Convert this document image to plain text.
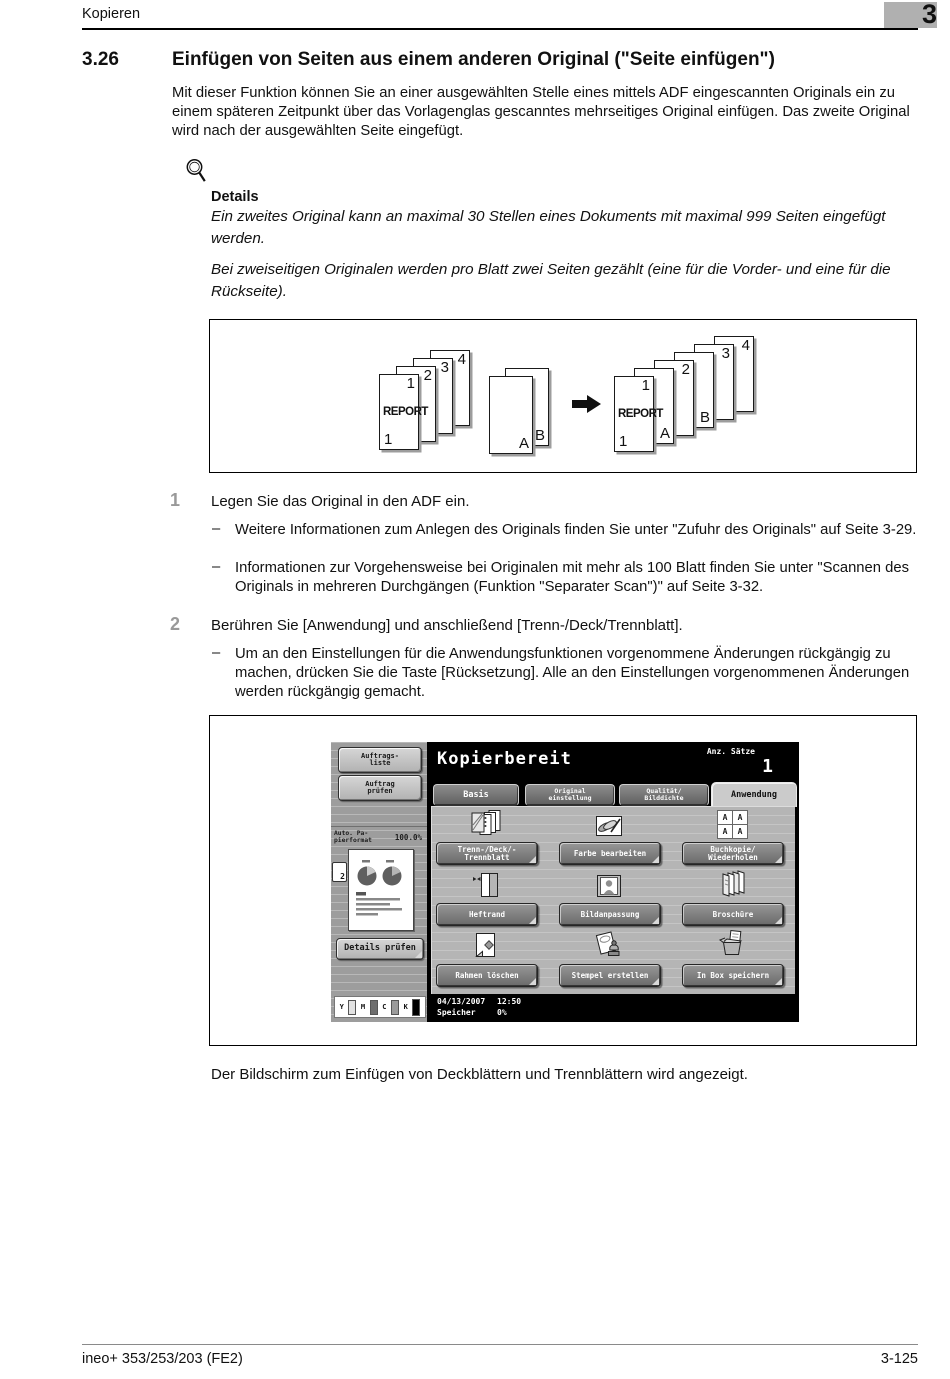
Kopieren	3
3.26	Einfügen von Seiten aus einem anderen Original ("Seite einfügen")
Mit dieser Funktion können Sie an einer ausgewählten Stelle eines mittels ADF eingescannten Originals ein zu einem späteren Zeitpunkt über das Vorlagenglas gescanntes mehrseitiges Original einfügen. Das zweite Original wird nach der ausgewählten Seite eingefügt.
Details
Ein zweites Original kann an maximal 30 Stellen eines Dokuments mit maximal 999 Seiten eingefügt werden.
Bei zweiseitigen Originalen werden pro Blatt zwei Seiten gezählt (eine für die Vorder- und eine für die Rückseite).
4
3
2
1
REPORT
1	B
A
4
3
B
2
A
1
REPORT
1
1 Legen Sie das Original in den ADF ein.
– Weitere Informationen zum Anlegen des Originals finden Sie unter "Zufuhr des Originals" auf Seite 3-29.
– Informationen zur Vorgehensweise bei Originalen mit mehr als 100 Blatt finden Sie unter "Scannen des Originals in mehreren Durchgängen (Funktion "Separater Scan")" auf Seite 3-32.
2 Berühren Sie [Anwendung] und anschließend [Trenn-/Deck/Trennblatt].
– Um an den Einstellungen für die Anwendungsfunktionen vorgenommene Änderungen rückgängig zu machen, drücken Sie die Taste [Rücksetzung]. Alle an den Einstellungen vorgenommenen Änderungen werden rückgängig gemacht.
Auftrags-
liste
Auftrag
prüfen
Auto. Pa-
pierformat	100.0%
2
Details prüfen
Y M C K
Kopierbereit	Anz. Sätze
1
Basis	Original
einstellung
Qualität/
Bilddichte	Anwendung
A	A
A	A
Trenn-/Deck/-
Trennblatt	Farbe bearbeiten	Buchkopie/
Wiederholen
Heftrand	Bildanpassung	Broschüre
Rahmen löschen	Stempel erstellen	In Box speichern
04/13/2007 12:50
Speicher	0%
Der Bildschirm zum Einfügen von Deckblättern und Trennblättern wird angezeigt.
ineo+ 353/253/203 (FE2)	3-125
